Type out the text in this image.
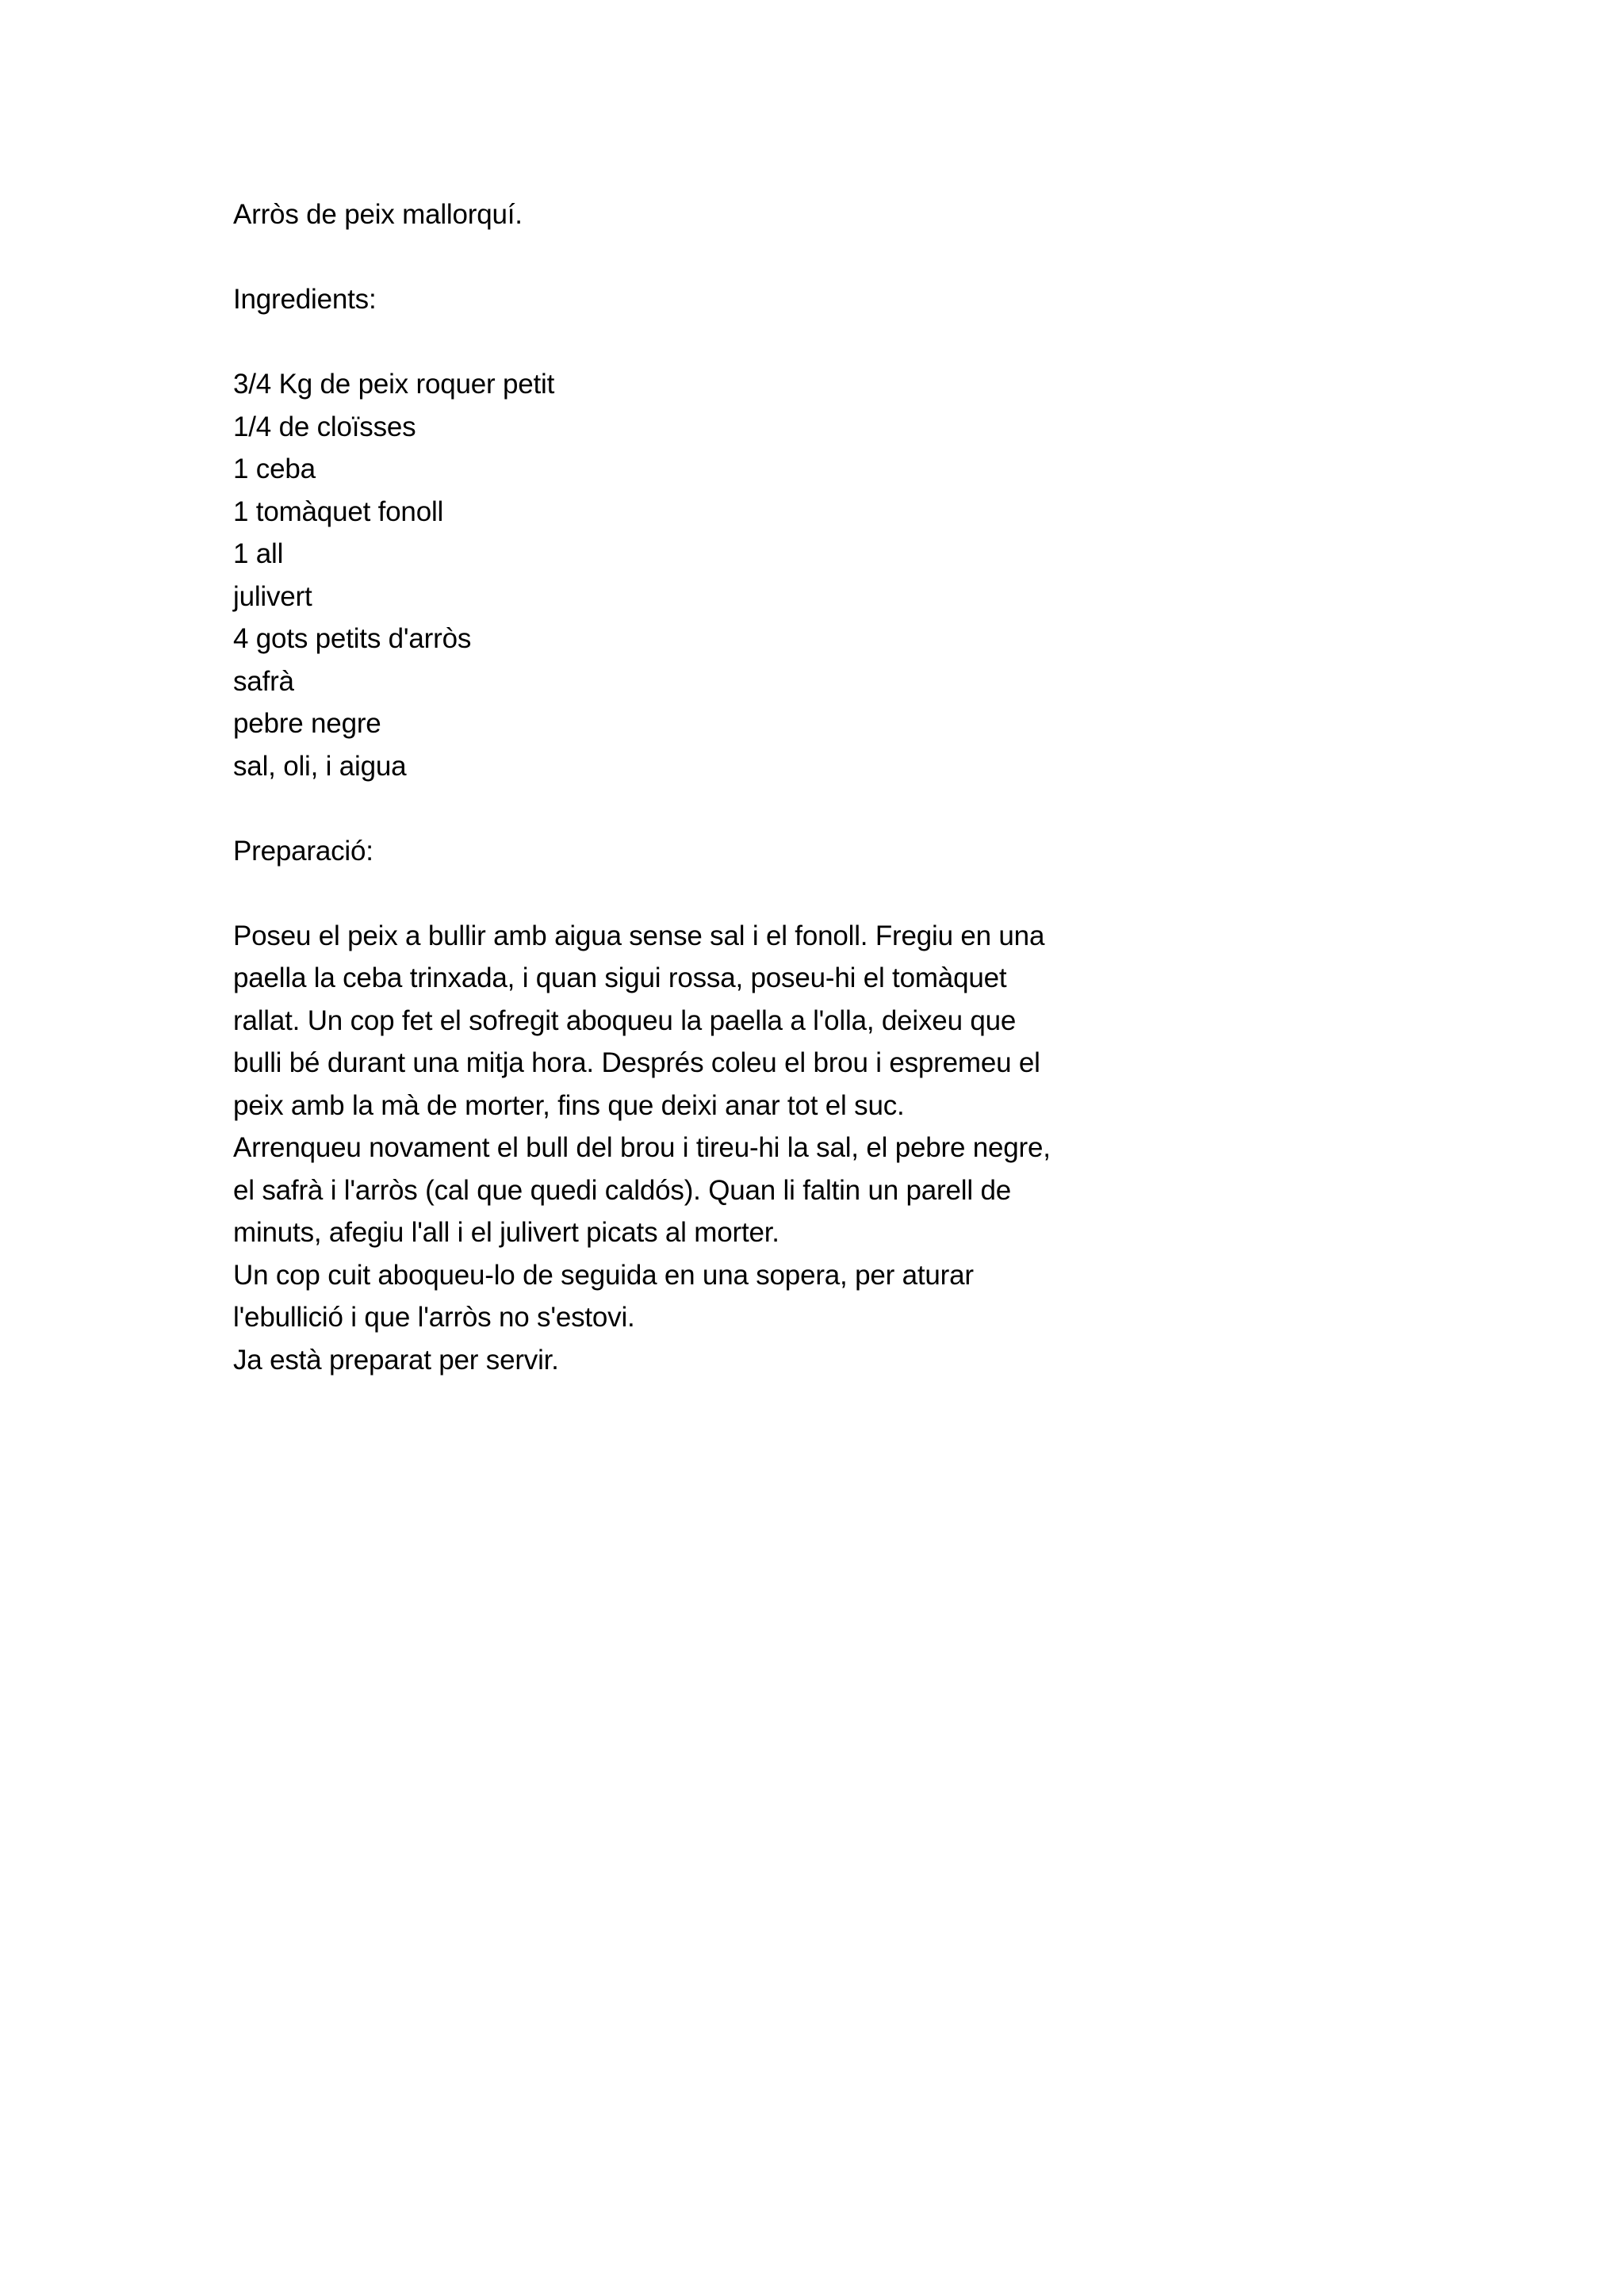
Arròs de peix mallorquí.

Ingredients:

3/4 Kg de peix roquer petit
1/4 de cloïsses
1 ceba
1 tomàquet fonoll
1 all
julivert
4 gots petits d'arròs
safrà
pebre negre
sal, oli, i aigua

Preparació:

Poseu el peix a bullir amb aigua sense sal i el fonoll. Fregiu en una

paella la ceba trinxada, i quan sigui rossa, poseu-hi el tomàquet

rallat. Un cop fet el sofregit aboqueu la paella a l'olla, deixeu que

bulli bé durant una mitja hora. Després coleu el brou i espremeu el

peix amb la mà de morter, fins que deixi anar tot el suc.

Arrenqueu novament el bull del brou i tireu-hi la sal, el pebre negre,

el safrà i l'arròs (cal que quedi caldós). Quan li faltin un parell de

minuts, afegiu l'all i el julivert picats al morter.

Un cop cuit aboqueu-lo de seguida en una sopera, per aturar

l'ebullició i que l'arròs no s'estovi.

Ja està preparat per servir.
